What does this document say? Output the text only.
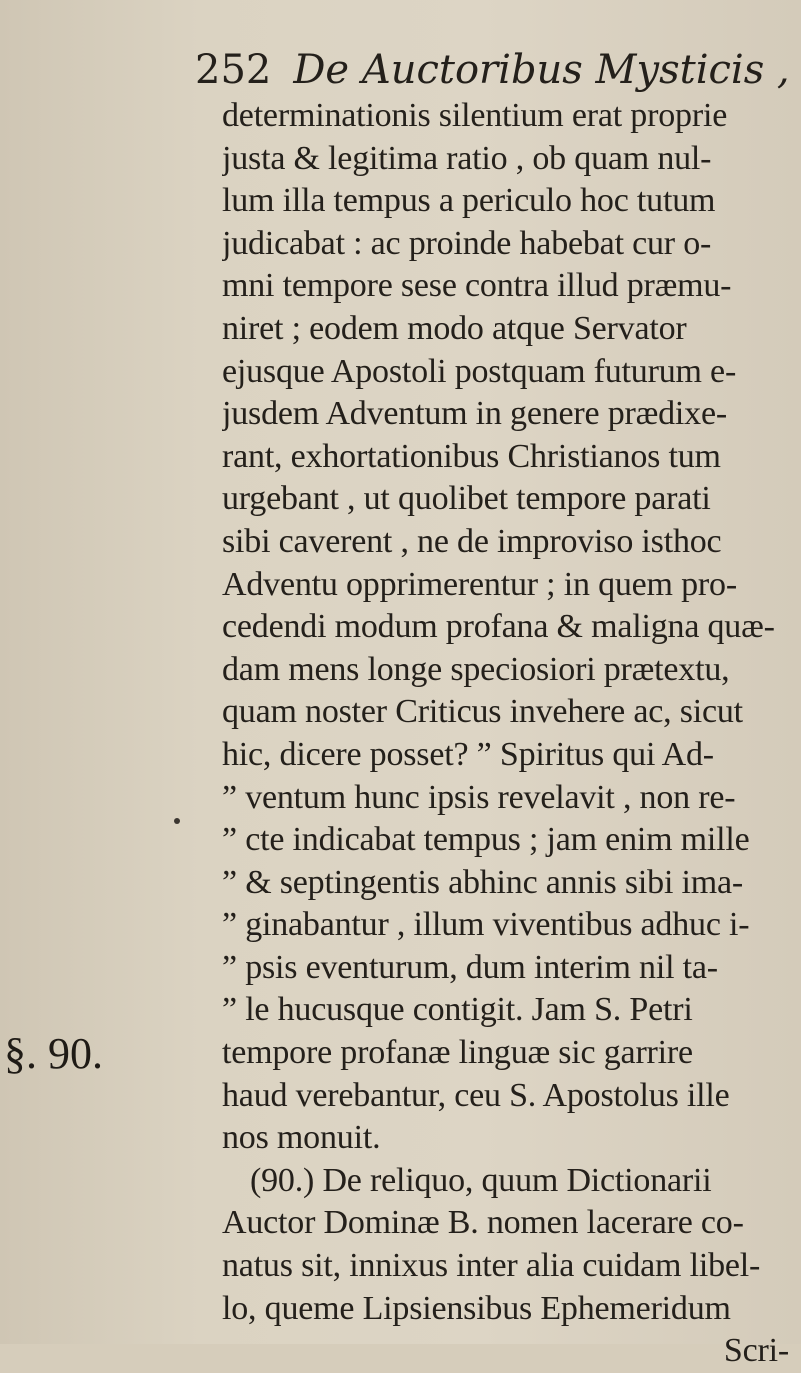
252 De Auctoribus Mysticis ,
§. 90.
determinationis silentium erat proprie
justa & legitima ratio , ob quam nul-
lum illa tempus a periculo hoc tutum
judicabat : ac proinde habebat cur o-
mni tempore sese contra illud præmu-
niret ; eodem modo atque Servator
ejusque Apostoli postquam futurum e-
jusdem Adventum in genere prædixe-
rant, exhortationibus Christianos tum
urgebant , ut quolibet tempore parati
sibi caverent , ne de improviso isthoc
Adventu opprimerentur ; in quem pro-
cedendi modum profana & maligna quæ-
dam mens longe speciosiori prætextu,
quam noster Criticus invehere ac, sicut
hic, dicere posset? ” Spiritus qui Ad-
” ventum hunc ipsis revelavit , non re-
” cte indicabat tempus ; jam enim mille
” & septingentis abhinc annis sibi ima-
” ginabantur , illum viventibus adhuc i-
” psis eventurum, dum interim nil ta-
” le hucusque contigit. Jam S. Petri
tempore profanæ linguæ sic garrire
haud verebantur, ceu S. Apostolus ille
nos monuit.
(90.) De reliquo, quum Dictionarii
Auctor Dominæ B. nomen lacerare co-
natus sit, innixus inter alia cuidam libel-
lo, queme Lipsiensibus Ephemeridum
Scri-
